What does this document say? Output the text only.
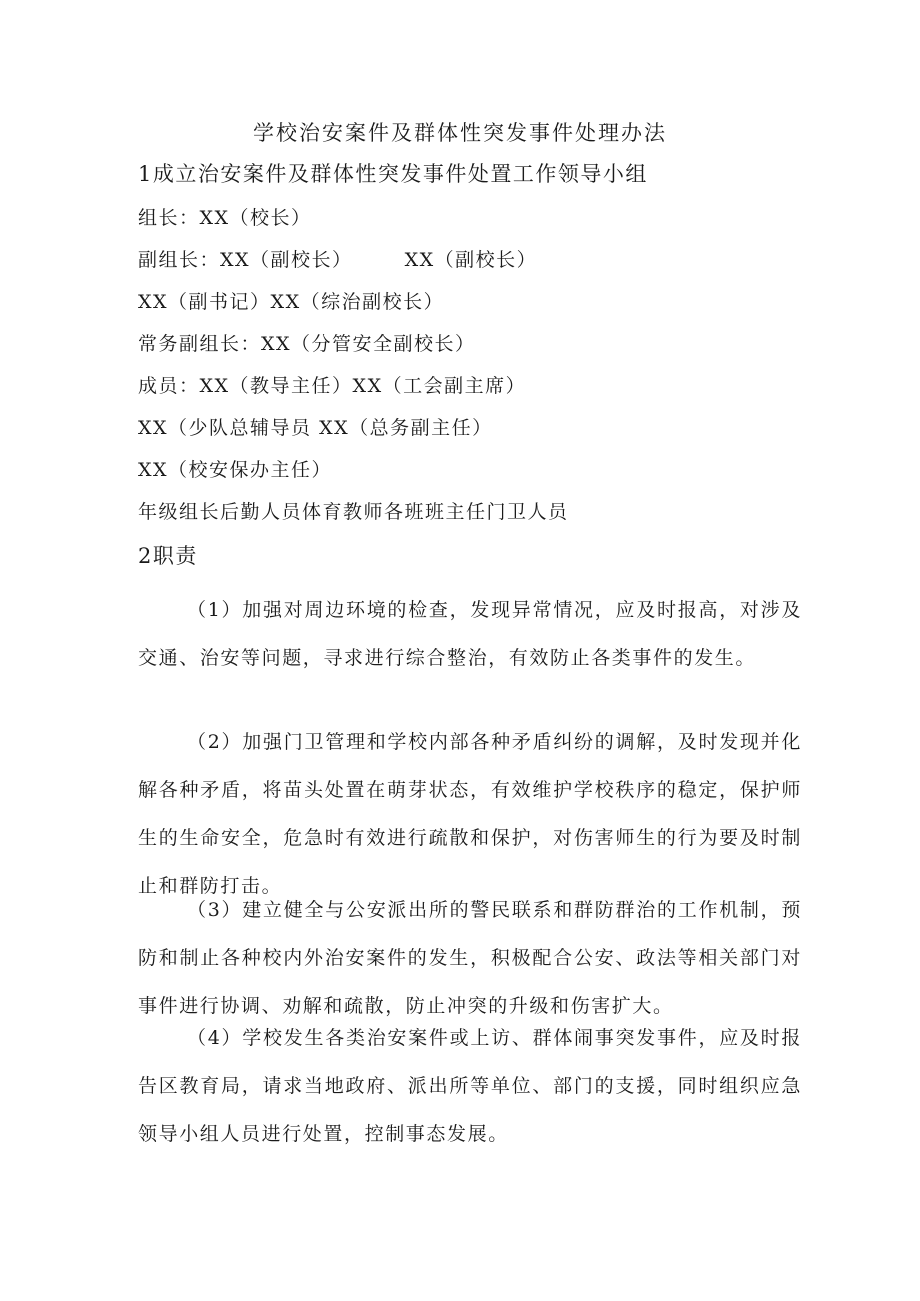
学校治安案件及群体性突发事件处理办法
1成立治安案件及群体性突发事件处置工作领导小组
组长：XX（校长）
副组长：XX（副校长）	XX（副校长）
XX（副书记）XX（综治副校长）
常务副组长：XX（分管安全副校长）
成员：XX（教导主任）XX（工会副主席）
XX（少队总辅导员 XX（总务副主任）
XX（校安保办主任）
年级组长后勤人员体育教师各班班主任门卫人员
2职责
（1）加强对周边环境的检查，发现异常情况，应及时报高，对涉及交通、治安等问题，寻求进行综合整治，有效防止各类事件的发生。
（2）加强门卫管理和学校内部各种矛盾纠纷的调解，及时发现并化解各种矛盾，将苗头处置在萌芽状态，有效维护学校秩序的稳定，保护师生的生命安全，危急时有效进行疏散和保护，对伤害师生的行为要及时制止和群防打击。
（3）建立健全与公安派出所的警民联系和群防群治的工作机制，预防和制止各种校内外治安案件的发生，积极配合公安、政法等相关部门对事件进行协调、劝解和疏散，防止冲突的升级和伤害扩大。
（4）学校发生各类治安案件或上访、群体闹事突发事件，应及时报告区教育局，请求当地政府、派出所等单位、部门的支援，同时组织应急领导小组人员进行处置，控制事态发展。
